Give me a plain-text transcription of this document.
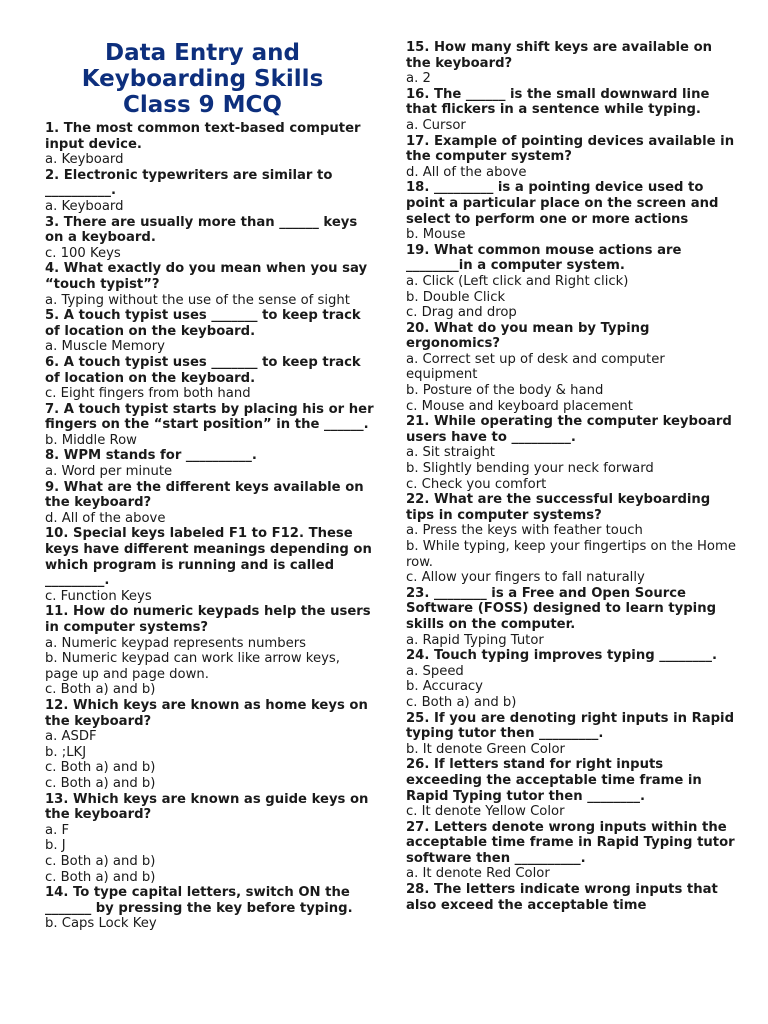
Data Entry and
Keyboarding Skills
Class 9 MCQ

1. The most common text-based computer input device.

a. Keyboard

2. Electronic typewriters are similar to __________.

a. Keyboard

3. There are usually more than ______ keys on a keyboard.

c. 100 Keys

4. What exactly do you mean when you say “touch typist”?

a. Typing without the use of the sense of sight

5. A touch typist uses _______ to keep track of location on the keyboard.

a. Muscle Memory

6. A touch typist uses _______ to keep track of location on the keyboard.

c. Eight fingers from both hand

7. A touch typist starts by placing his or her fingers on the “start position” in the ______.

b. Middle Row

8. WPM stands for __________.

a. Word per minute

9. What are the different keys available on the keyboard?

d. All of the above

10. Special keys labeled F1 to F12. These keys have different meanings depending on which program is running and is called _________.

c. Function Keys

11. How do numeric keypads help the users in computer systems?

a. Numeric keypad represents numbers

b. Numeric keypad can work like arrow keys, page up and page down.

c. Both a) and b)

12. Which keys are known as home keys on the keyboard?

a. ASDF

b. ;LKJ

c. Both a) and b)

c. Both a) and b)

13. Which keys are known as guide keys on the keyboard?

a. F

b. J

c. Both a) and b)

c. Both a) and b)

14. To type capital letters, switch ON the _______ by pressing the key before typing.

b. Caps Lock Key

15. How many shift keys are available on the keyboard?

a. 2

16. The ______ is the small downward line that flickers in a sentence while typing.

a. Cursor

17. Example of pointing devices available in the computer system?

d. All of the above

18. _________ is a pointing device used to point a particular place on the screen and select to perform one or more actions

b. Mouse

19. What common mouse actions are ________in a computer system.

a. Click (Left click and Right click)

b. Double Click

c. Drag and drop

20. What do you mean by Typing ergonomics?

a. Correct set up of desk and computer equipment

b. Posture of the body & hand

c. Mouse and keyboard placement

21. While operating the computer keyboard users have to _________.

a. Sit straight

b. Slightly bending your neck forward

c. Check you comfort

22. What are the successful keyboarding tips in computer systems?

a. Press the keys with feather touch

b. While typing, keep your fingertips on the Home row.

c. Allow your fingers to fall naturally

23. ________ is a Free and Open Source Software (FOSS) designed to learn typing skills on the computer.

a. Rapid Typing Tutor

24. Touch typing improves typing ________.

a. Speed

b. Accuracy

c. Both a) and b)

25. If you are denoting right inputs in Rapid typing tutor then _________.

b. It denote Green Color

26. If letters stand for right inputs exceeding the acceptable time frame in Rapid Typing tutor then ________.

c. It denote Yellow Color

27. Letters denote wrong inputs within the acceptable time frame in Rapid Typing tutor software then __________.

a. It denote Red Color

28. The letters indicate wrong inputs that also exceed the acceptable time
